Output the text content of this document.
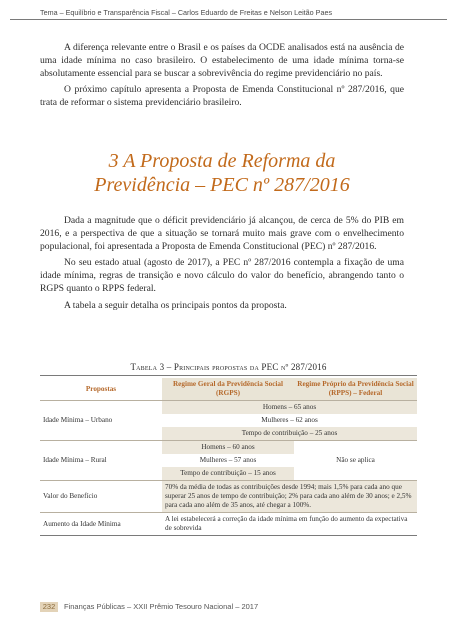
Tema – Equilíbrio e Transparência Fiscal – Carlos Eduardo de Freitas e Nelson Leitão Paes

A diferença relevante entre o Brasil e os países da OCDE analisados está na ausência de uma idade mínima no caso brasileiro. O estabelecimento de uma idade mínima torna-se absolutamente essencial para se buscar a sobrevivência do regime previdenciário no país.

O próximo capítulo apresenta a Proposta de Emenda Constitucional nº 287/2016, que trata de reformar o sistema previdenciário brasileiro.

3 A Proposta de Reforma da
Previdência – PEC nº 287/2016

Dada a magnitude que o déficit previdenciário já alcançou, de cerca de 5% do PIB em 2016, e a perspectiva de que a situação se tornará muito mais grave com o envelhecimento populacional, foi apresentada a Proposta de Emenda Constitucional (PEC) nº 287/2016.

No seu estado atual (agosto de 2017), a PEC nº 287/2016 contempla a fixação de uma idade mínima, regras de transição e novo cálculo do valor do benefício, abrangendo tanto o RGPS quanto o RPPS federal.

A tabela a seguir detalha os principais pontos da proposta.

Tabela 3 – Principais propostas da PEC nº 287/2016
Propostas	Regime Geral da Previdência Social (RGPS)	Regime Próprio da Previdência Social (RPPS) – Federal
Idade Mínima – Urbano	Homens – 65 anos	
	Mulheres – 62 anos	
	Tempo de contribuição – 25 anos	
Idade Mínima – Rural	Homens – 60 anos	Não se aplica
	Mulheres – 57 anos	
	Tempo de contribuição – 15 anos	
Valor do Benefício	70% da média de todas as contribuições desde 1994; mais 1,5% para cada ano que superar 25 anos de tempo de contribuição; 2% para cada ano além de 30 anos; e 2,5% para cada ano além de 35 anos, até chegar a 100%.	
Aumento da Idade Mínima	A lei estabelecerá a correção da idade mínima em função do aumento da expectativa de sobrevida	
232	Finanças Públicas – XXII Prêmio Tesouro Nacional – 2017
